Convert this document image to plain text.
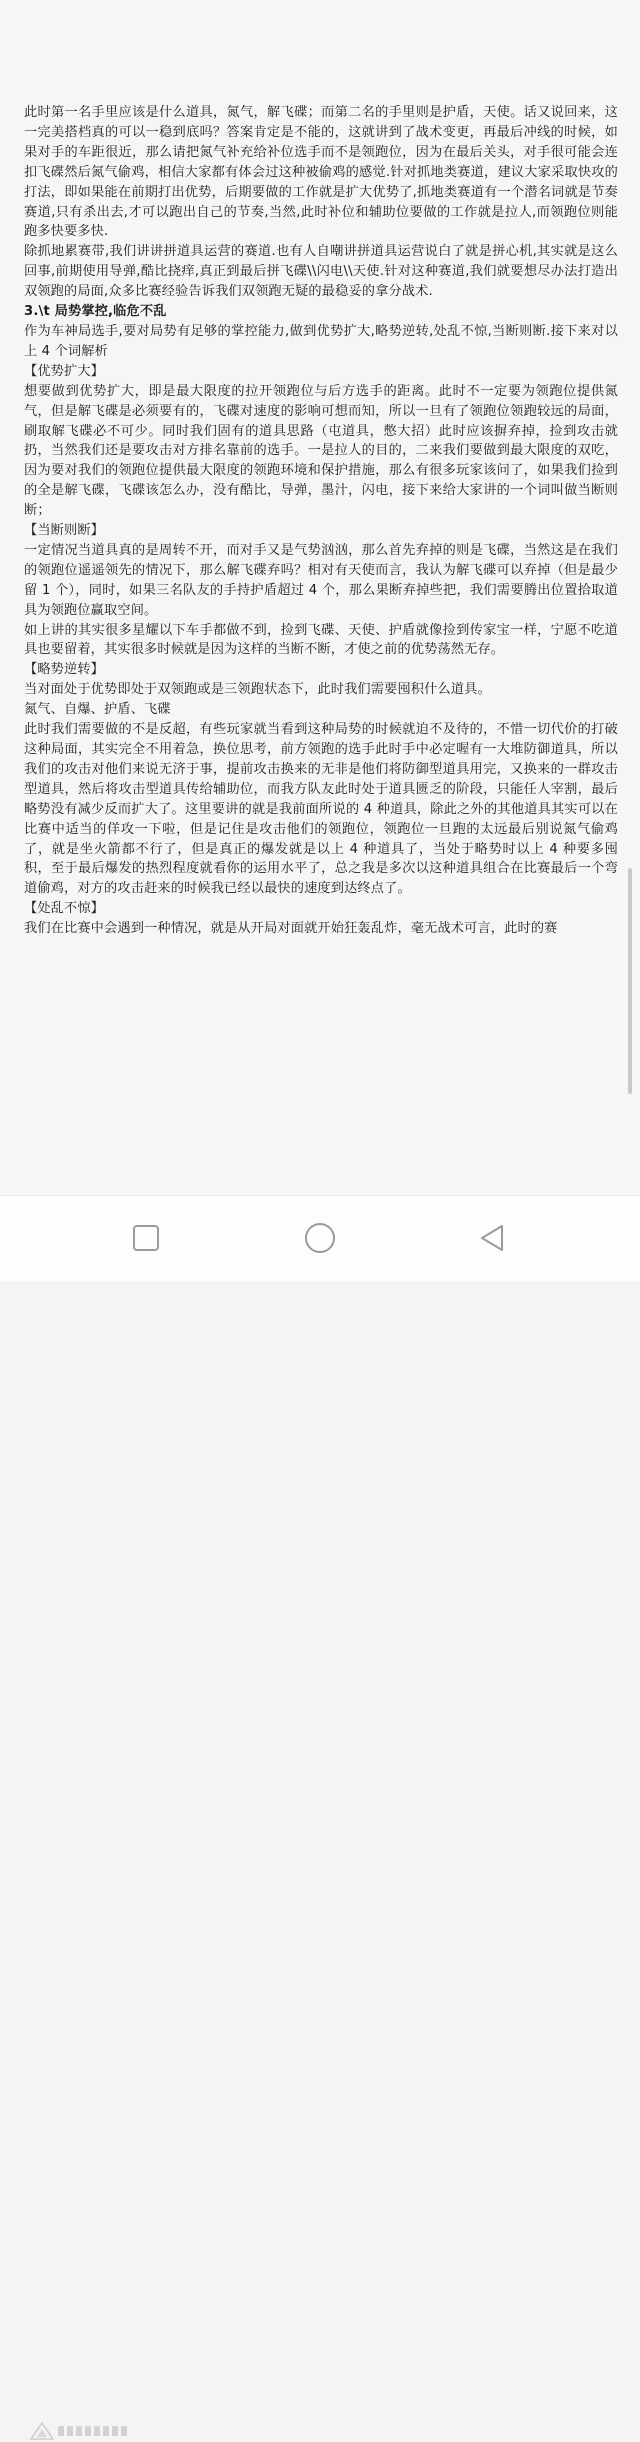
此时第一名手里应该是什么道具，氮气，解飞碟；而第二名的手里则是护盾，天使。话又说回来，这一完美搭档真的可以一稳到底吗？答案肯定是不能的，这就讲到了战术变更，再最后冲线的时候，如果对手的车距很近，那么请把氮气补充给补位选手而不是领跑位，因为在最后关头，对手很可能会连扣飞碟然后氮气偷鸡，相信大家都有体会过这种被偷鸡的感觉.针对抓地类赛道，建议大家采取快攻的打法，即如果能在前期打出优势，后期要做的工作就是扩大优势了,抓地类赛道有一个潜名词就是节奏赛道,只有杀出去,才可以跑出自己的节奏,当然,此时补位和辅助位要做的工作就是拉人,而领跑位则能跑多快要多快.

除抓地累赛带,我们讲讲拼道具运营的赛道.也有人自嘲讲拼道具运营说白了就是拼心机,其实就是这么回事,前期使用导弹,酷比挠痒,真正到最后拼飞碟\\闪电\\天使.针对这种赛道,我们就要想尽办法打造出双领跑的局面,众多比赛经验告诉我们双领跑无疑的最稳妥的拿分战术.

3.\t 局势掌控,临危不乱

作为车神局选手,要对局势有足够的掌控能力,做到优势扩大,略势逆转,处乱不惊,当断则断.接下来对以上 4 个词解析

【优势扩大】

想要做到优势扩大，即是最大限度的拉开领跑位与后方选手的距离。此时不一定要为领跑位提供氮气，但是解飞碟是必须要有的，飞碟对速度的影响可想而知，所以一旦有了领跑位领跑较远的局面，刷取解飞碟必不可少。同时我们固有的道具思路（屯道具，憋大招）此时应该摒弃掉，捡到攻击就扔，当然我们还是要攻击对方排名靠前的选手。一是拉人的目的，二来我们要做到最大限度的双吃，因为要对我们的领跑位提供最大限度的领跑环境和保护措施，那么有很多玩家该问了，如果我们捡到的全是解飞碟，飞碟该怎么办，没有酷比，导弹，墨汁，闪电，接下来给大家讲的一个词叫做当断则断；

【当断则断】

一定情况当道具真的是周转不开，而对手又是气势汹汹，那么首先弃掉的则是飞碟，当然这是在我们的领跑位遥遥领先的情况下，那么解飞碟弃吗？相对有天使而言，我认为解飞碟可以弃掉（但是最少留 1 个），同时，如果三名队友的手持护盾超过 4 个，那么果断弃掉些把，我们需要腾出位置拾取道具为领跑位赢取空间。

如上讲的其实很多星耀以下车手都做不到，捡到飞碟、天使、护盾就像捡到传家宝一样，宁愿不吃道具也要留着，其实很多时候就是因为这样的当断不断，才使之前的优势荡然无存。

【略势逆转】

当对面处于优势即处于双领跑或是三领跑状态下，此时我们需要囤积什么道具。

氮气、自爆、护盾、飞碟

此时我们需要做的不是反超，有些玩家就当看到这种局势的时候就迫不及待的，不惜一切代价的打破这种局面，其实完全不用着急，换位思考，前方领跑的选手此时手中必定喔有一大堆防御道具，所以我们的攻击对他们来说无济于事，提前攻击换来的无非是他们将防御型道具用完，又换来的一群攻击型道具，然后将攻击型道具传给辅助位，而我方队友此时处于道具匮乏的阶段，只能任人宰割，最后略势没有减少反而扩大了。这里要讲的就是我前面所说的 4 种道具，除此之外的其他道具其实可以在比赛中适当的佯攻一下啦，但是记住是攻击他们的领跑位，领跑位一旦跑的太远最后别说氮气偷鸡了，就是坐火箭都不行了，但是真正的爆发就是以上 4 种道具了，当处于略势时以上 4 种要多囤积，至于最后爆发的热烈程度就看你的运用水平了，总之我是多次以这种道具组合在比赛最后一个弯道偷鸡，对方的攻击赶来的时候我已经以最快的速度到达终点了。

【处乱不惊】

我们在比赛中会遇到一种情况，就是从开局对面就开始狂轰乱炸，毫无战术可言，此时的赛
